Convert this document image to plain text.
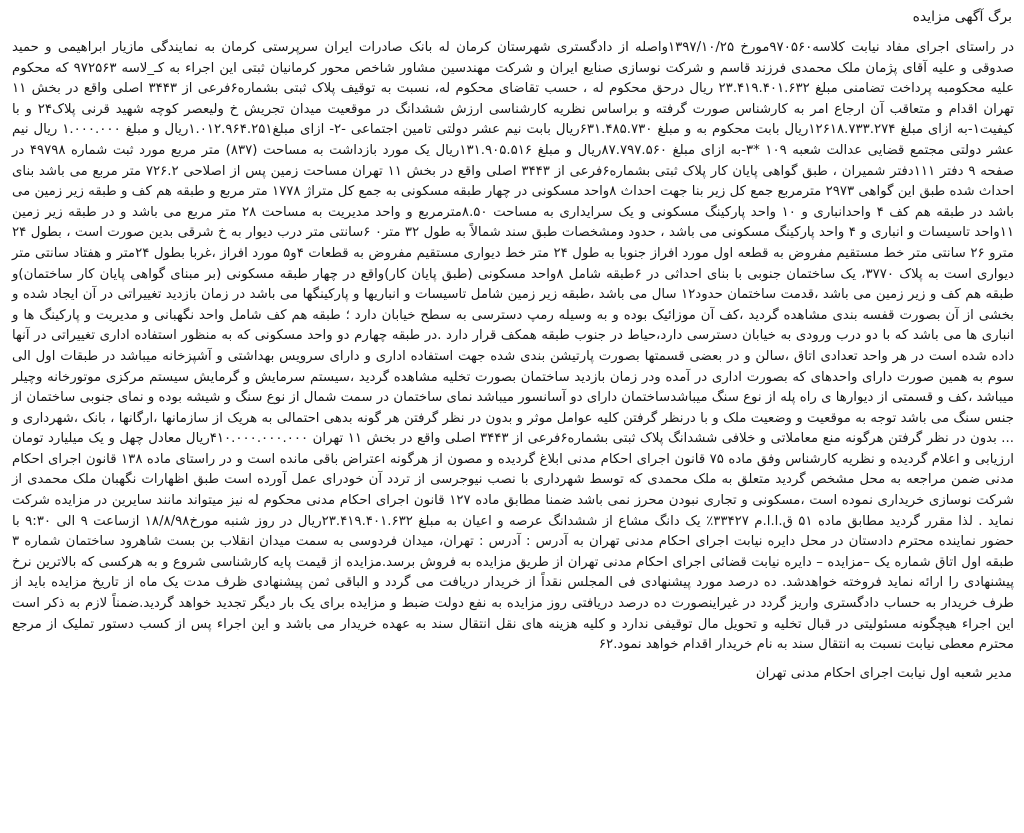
برگ آگهی مزایده

در راستای اجرای مفاد نیابت کلاسه۹۷۰۵۶۰مورخ ۱۳۹۷/۱۰/۲۵واصله از دادگستری شهرستان کرمان له بانک صادرات ایران سرپرستی کرمان به نمایندگی مازیار ابراهیمی و حمید صدوقی و علیه آقای پژمان ملک محمدی فرزند قاسم و شرکت نوسازی صنایع ایران و شرکت مهندسین مشاور شاخص محور کرمانیان ثبتی این اجراء به کـ_لاسه ۹۷۲۵۶۳ که محکوم علیه محکومبه پرداخت تضامنی مبلغ ۲۳.۴۱۹.۴۰۱.۶۳۲ ریال درحق محکوم له ، حسب تقاضای محکوم له، نسبت به توقیف پلاک ثبتی بشماره۶فرعی از ۳۴۴۳ اصلی واقع در بخش ۱۱ تهران اقدام و متعاقب آن ارجاع امر به کارشناس صورت گرفته و براساس نظریه کارشناسی ارزش ششدانگ در موقعیت میدان تجریش خ ولیعصر کوچه شهید قرنی پلاک۲۴ و با کیفیت۱-به ازای مبلغ ۱۲۶۱۸.۷۳۳.۲۷۴ریال بابت محکوم به و مبلغ ۶۳۱.۴۸۵.۷۳۰ریال بابت نیم عشر دولتی تامین اجتماعی -۲- ازای مبلغ۱.۰۱۲.۹۶۴.۲۵۱ریال و مبلغ ۱.۰۰۰.۰۰۰ ریال نیم عشر دولتی مجتمع قضایی عدالت شعبه ۱۰۹ *۳-به ازای مبلغ ۸۷.۷۹۷.۵۶۰ریال و مبلغ ۱۳۱.۹۰۵.۵۱۶ریال یک مورد بازداشت به مساحت (۸۳۷) متر مربع مورد ثبت شماره ۴۹۷۹۸ در صفحه ۹ دفتر ۱۱۱دفتر شمیران ، طبق گواهی پایان کار پلاک ثبتی بشماره۶فرعی از ۳۴۴۳ اصلی واقع در بخش ۱۱ تهران مساحت زمین پس از اصلاحی ۷۲۶.۲ متر مربع می باشد بنای احداث شده طبق این گواهی ۲۹۷۳ مترمربع جمع کل زیر بنا جهت احداث ۸واحد مسکونی در چهار طبقه مسکونی به جمع کل متراژ ۱۷۷۸ متر مربع و طبقه هم کف و طبقه زیر زمین می باشد در طبقه هم کف ۴ واحدانباری و ۱۰ واحد پارکینگ مسکونی و یک سرایداری به مساحت ۸.۵۰مترمربع و واحد مدیریت به مساحت ۲۸ متر مربع می باشد و در طبقه زیر زمین ۱۱واحد تاسیسات و انباری و ۴ واحد پارکینگ مسکونی می باشد ، حدود ومشخصات طبق سند شمالاً به طول ۳۲ متر۰ ۶سانتی متر درب دیوار به خ شرقی بدین صورت است ، بطول ۲۴ مترو ۲۶ سانتی متر خط مستقیم مفروض به قطعه اول مورد افراز جنوبا به طول ۲۴ متر خط دیواری مستقیم مفروض به قطعات ۴و۵ مورد افراز ،غربا بطول ۲۴متر و هفتاد سانتی متر دیواری است به پلاک ۳۷۷۰، یک ساختمان جنوبی با بنای احداثی در ۶طبقه شامل ۸واحد مسکونی (طبق پایان کار)واقع در چهار طبقه مسکونی (بر مبنای گواهی پایان کار ساختمان)و طبقه هم کف و زیر زمین می باشد ،قدمت ساختمان حدود۱۲ سال می باشد ،طبقه زیر زمین شامل تاسیسات و انباریها و پارکینگها می باشد در زمان بازدید تغییراتی در آن ایجاد شده و بخشی از آن بصورت قفسه بندی مشاهده گردید ،کف آن موزائیک بوده و به وسیله رمپ دسترسی به سطح خیابان دارد ؛ طبقه هم کف شامل واحد نگهبانی و مدیریت و پارکینگ ها و انباری ها می باشد که با دو درب ورودی به خیابان دسترسی دارد،حیاط در جنوب طبقه همکف قرار دارد .در طبقه چهارم دو واحد مسکونی که به منظور استفاده اداری تغییراتی در آنها داده شده است در هر واحد تعدادی اتاق ،سالن و در بعضی قسمتها بصورت پارتیشن بندی شده جهت استفاده اداری و دارای سرویس بهداشتی و آشپزخانه میباشد در طبقات اول الی سوم به همین صورت دارای واحدهای که بصورت اداری در آمده ودر زمان بازدید ساختمان بصورت تخلیه مشاهده گردید ،سیستم سرمایش و گرمایش سیستم مرکزی موتورخانه وچیلر میباشد ،کف و قسمتی از دیوارها ی راه پله از نوع سنگ میباشدساختمان دارای دو آسانسور میباشد نمای ساختمان در سمت شمال از نوع سنگ و شیشه بوده و نمای جنوبی ساختمان از جنس سنگ می باشد توجه به موقعیت و وضعیت ملک و با درنظر گرفتن کلیه عوامل موثر و بدون در نظر گرفتن هر گونه بدهی احتمالی به هریک از سازمانها ،ارگانها ، بانک ،شهرداری و ... بدون در نظر گرفتن هرگونه منع معاملاتی و خلافی ششدانگ پلاک ثبتی بشماره۶فرعی از ۳۴۴۳ اصلی واقع در بخش ۱۱ تهران ۴۱۰.۰۰۰.۰۰۰.۰۰۰ریال معادل چهل و یک میلیارد تومان ارزیابی و اعلام گردیده و نظریه کارشناس وفق ماده ۷۵ قانون اجرای احکام مدنی ابلاغ گردیده و مصون از هرگونه اعتراض باقی مانده است و در راستای ماده ۱۳۸ قانون اجرای احکام مدنی ضمن مراجعه به محل مشخص گردید متعلق به ملک محمدی که توسط شهرداری با نصب نیوجرسی از تردد آن خودرای عمل آورده است طبق اظهارات نگهبان ملک محمدی از شرکت نوسازی خریداری نموده است ،مسکونی و تجاری نبودن محرز نمی باشد ضمنا مطابق ماده ۱۲۷ قانون اجرای احکام مدنی محکوم له نیز میتواند مانند سایرین در مزایده شرکت نماید . لذا مقرر گردید مطابق ماده ۵۱ ق.ا.ا.م ۳۳۴۲۷٪ یک دانگ مشاع از ششدانگ عرصه و اعیان به مبلغ ۲۳.۴۱۹.۴۰۱.۶۳۲ریال در روز شنبه مورخ۱۸/۸/۹۸ ازساعت ۹ الی ۹:۳۰ با حضور نماینده محترم دادستان در محل دایره نیابت اجرای احکام مدنی تهران به آدرس : آدرس : تهران، میدان فردوسی به سمت میدان انقلاب بن بست شاهرود ساختمان شماره ۳ طبقه اول اتاق شماره یک –مزایده – دایره نیابت قضائی اجرای احکام مدنی تهران از طریق مزایده به فروش برسد.مزایده از قیمت پایه کارشناسی شروع و به هرکسی که بالاترین نرخ پیشنهادی را ارائه نماید فروخته خواهدشد. ده درصد مورد پیشنهادی فی المجلس نقداً از خریدار دریافت می گردد و الباقی ثمن پیشنهادی ظرف مدت یک ماه از تاریخ مزایده باید از طرف خریدار به حساب دادگستری واریز گردد در غیراینصورت ده درصد دریافتی روز مزایده به نفع دولت ضبط و مزایده برای یک بار دیگر تجدید خواهد گردید.ضمناً لازم به ذکر است این اجراء هیچگونه مسئولیتی در قبال تخلیه و تحویل مال توقیفی ندارد و کلیه هزینه های نقل انتقال سند به عهده خریدار می باشد و این اجراء پس از کسب دستور تملیک از مرجع محترم معطی نیابت نسبت به انتقال سند به نام خریدار اقدام خواهد نمود.۶۲

مدیر شعبه اول نیابت اجرای احکام مدنی تهران
